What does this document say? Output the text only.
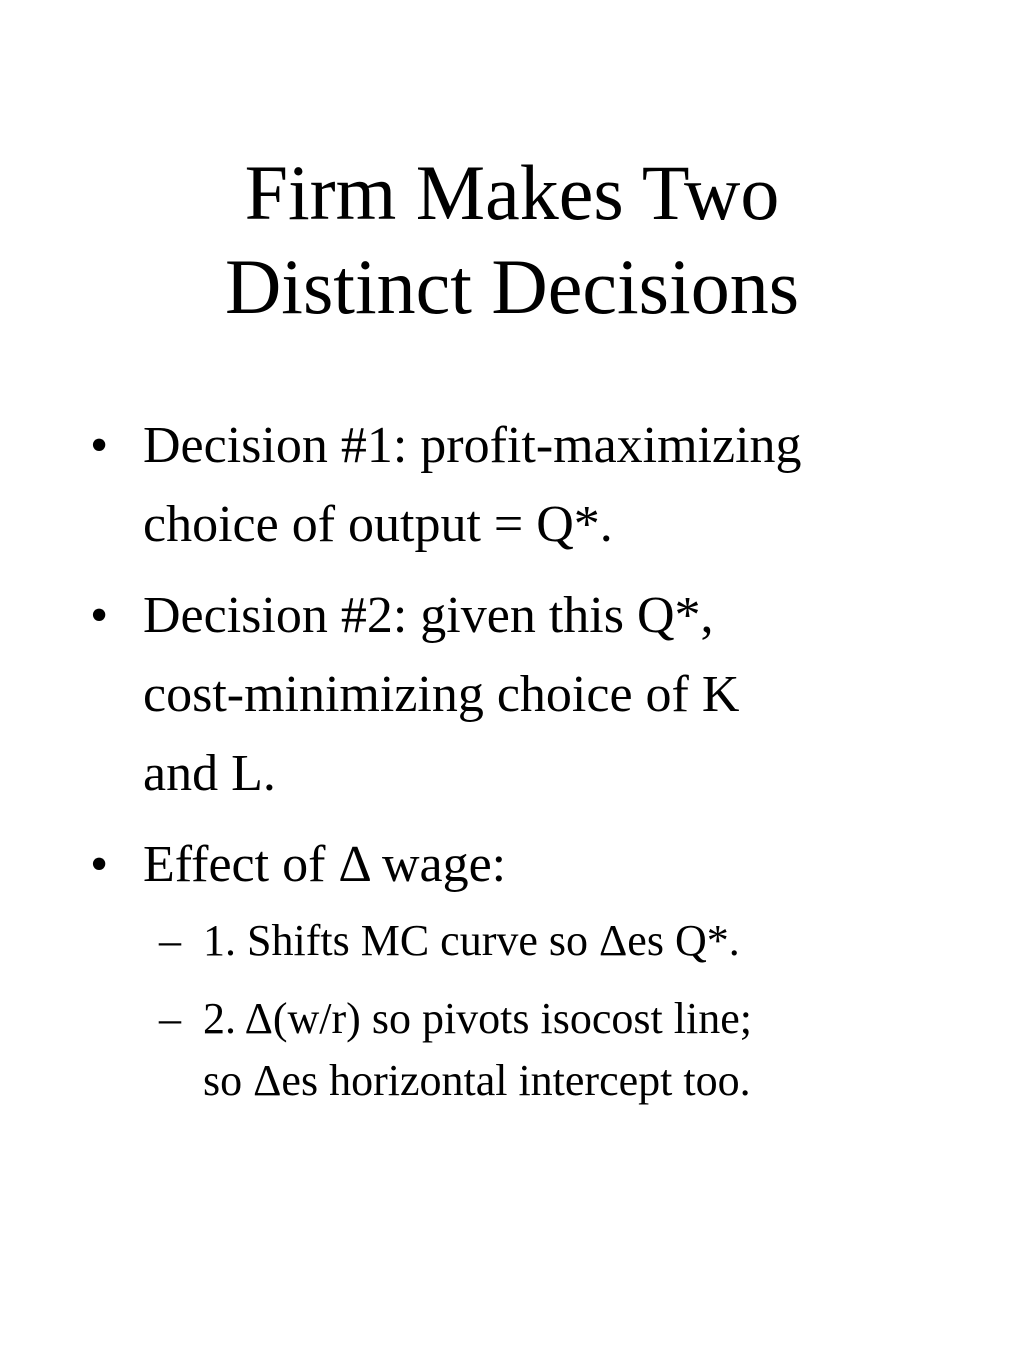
Firm Makes Two
Distinct Decisions
• Decision #1: profit-maximizing
choice of output = Q*.
• Decision #2: given this Q*,
cost-minimizing choice of K
and L.
• Effect of Δ wage:
– 1. Shifts MC curve so Δes Q*.
– 2. Δ(w/r) so pivots isocost line;
so Δes horizontal intercept too.
